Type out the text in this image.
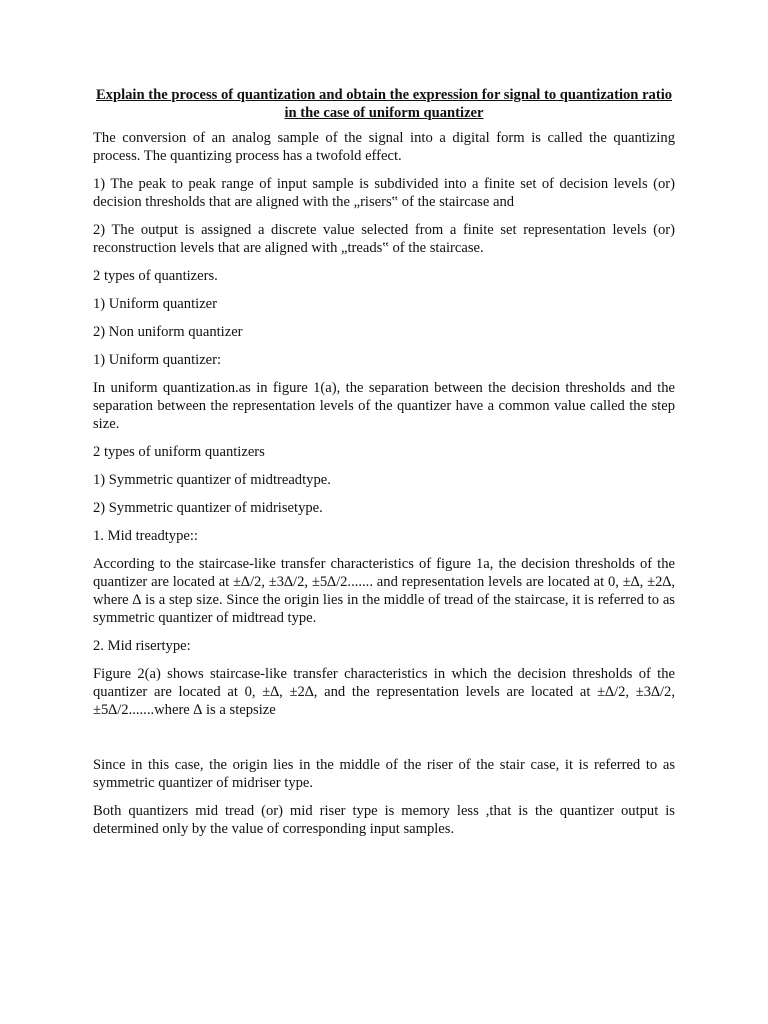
Explain the process of quantization and obtain the expression for signal to quantization ratio in the case of uniform quantizer

The conversion of an analog sample of the signal into a digital form is called the quantizing process. The quantizing process has a twofold effect.

1) The peak to peak range of input sample is subdivided into a finite set of decision levels (or) decision thresholds that are aligned with the „risers‟ of the staircase and

2) The output is assigned a discrete value selected from a finite set representation levels (or) reconstruction levels that are aligned with „treads‟ of the staircase.

2 types of quantizers.

1) Uniform quantizer

2) Non uniform quantizer

1) Uniform quantizer:

In uniform quantization.as in figure 1(a), the separation between the decision thresholds and the separation between the representation levels of the quantizer have a common value called the step size.

2 types of uniform quantizers

1) Symmetric quantizer of midtreadtype.

2) Symmetric quantizer of midrisetype.

1. Mid treadtype::

According to the staircase-like transfer characteristics of figure 1a, the decision thresholds of the quantizer are located at ±∆/2, ±3∆/2, ±5∆/2....... and representation levels are located at 0, ±∆, ±2∆, where ∆ is a step size. Since the origin lies in the middle of tread of the staircase, it is referred to as symmetric quantizer of midtread type.

2. Mid risertype:

Figure 2(a) shows staircase-like transfer characteristics in which the decision thresholds of the quantizer are located at 0, ±∆, ±2∆, and the representation levels are located at ±∆/2, ±3∆/2, ±5∆/2.......where ∆ is a stepsize

Since in this case, the origin lies in the middle of the riser of the stair case, it is referred to as symmetric quantizer of midriser type.

Both quantizers mid tread (or) mid riser type is memory less ,that is the quantizer output is determined only by the value of corresponding input samples.
